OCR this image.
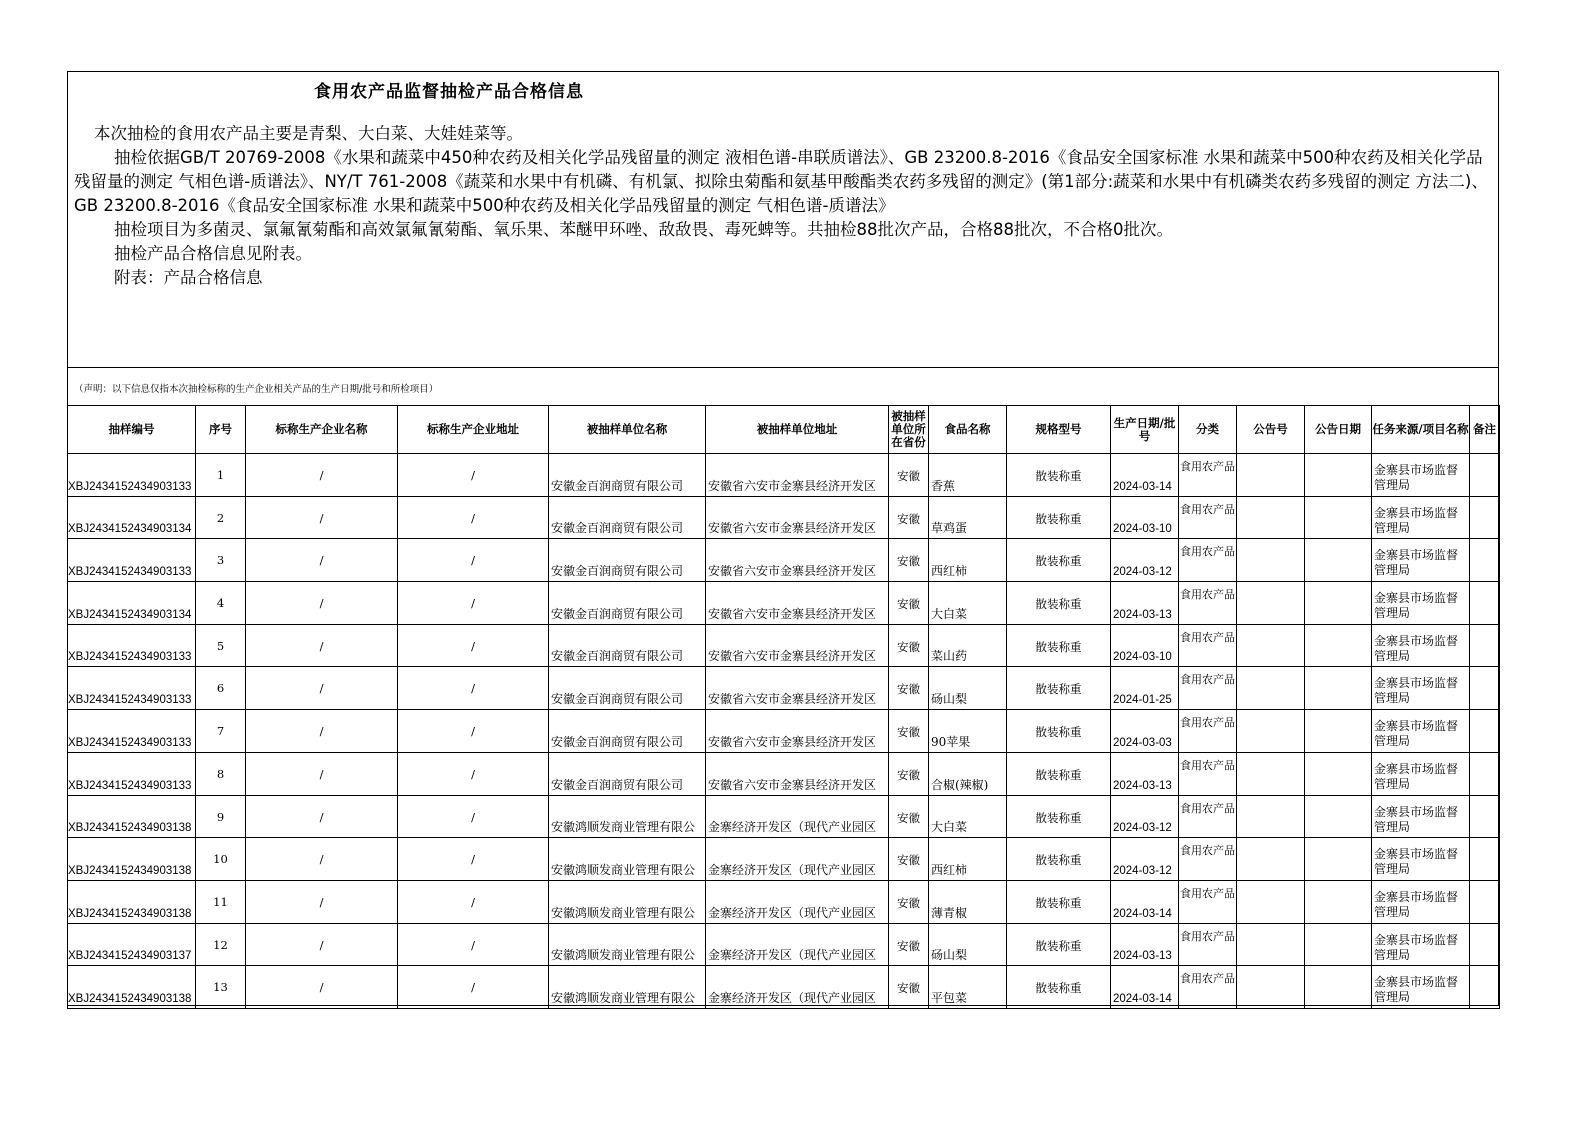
食用农产品监督抽检产品合格信息

本次抽检的食用农产品主要是青梨、大白菜、大娃娃菜等。

抽检依据GB/T 20769-2008《水果和蔬菜中450种农药及相关化学品残留量的测定 液相色谱-串联质谱法》、GB 23200.8-2016《食品安全国家标准 水果和蔬菜中500种农药及相关化学品残留量的测定 气相色谱-质谱法》、NY/T 761-2008《蔬菜和水果中有机磷、有机氯、拟除虫菊酯和氨基甲酸酯类农药多残留的测定》(第1部分:蔬菜和水果中有机磷类农药多残留的测定 方法二)、GB 23200.8-2016《食品安全国家标准 水果和蔬菜中500种农药及相关化学品残留量的测定 气相色谱-质谱法》

抽检项目为多菌灵、氯氟氰菊酯和高效氯氟氰菊酯、氧乐果、苯醚甲环唑、敌敌畏、毒死蜱等。共抽检88批次产品，合格88批次，不合格0批次。

抽检产品合格信息见附表。

附表：产品合格信息

（声明：以下信息仅指本次抽检标称的生产企业相关产品的生产日期/批号和所检项目）
抽样编号	序号	标称生产企业名称	标称生产企业地址	被抽样单位名称	被抽样单位地址	被抽样单位所在省份	食品名称	规格型号	生产日期/批号	分类	公告号	公告日期	任务来源/项目名称	备注
XBJ2434152434903133	1	/	/	安徽金百润商贸有限公司	安徽省六安市金寨县经济开发区	安徽	香蕉	散装称重	2024-03-14	食用农产品			金寨县市场监督管理局	
XBJ2434152434903134	2	/	/	安徽金百润商贸有限公司	安徽省六安市金寨县经济开发区	安徽	草鸡蛋	散装称重	2024-03-10	食用农产品			金寨县市场监督管理局	
XBJ2434152434903133	3	/	/	安徽金百润商贸有限公司	安徽省六安市金寨县经济开发区	安徽	西红柿	散装称重	2024-03-12	食用农产品			金寨县市场监督管理局	
XBJ2434152434903134	4	/	/	安徽金百润商贸有限公司	安徽省六安市金寨县经济开发区	安徽	大白菜	散装称重	2024-03-13	食用农产品			金寨县市场监督管理局	
XBJ2434152434903133	5	/	/	安徽金百润商贸有限公司	安徽省六安市金寨县经济开发区	安徽	菜山药	散装称重	2024-03-10	食用农产品			金寨县市场监督管理局	
XBJ2434152434903133	6	/	/	安徽金百润商贸有限公司	安徽省六安市金寨县经济开发区	安徽	砀山梨	散装称重	2024-01-25	食用农产品			金寨县市场监督管理局	
XBJ2434152434903133	7	/	/	安徽金百润商贸有限公司	安徽省六安市金寨县经济开发区	安徽	90苹果	散装称重	2024-03-03	食用农产品			金寨县市场监督管理局	
XBJ2434152434903133	8	/	/	安徽金百润商贸有限公司	安徽省六安市金寨县经济开发区	安徽	合椒(辣椒)	散装称重	2024-03-13	食用农产品			金寨县市场监督管理局	
XBJ2434152434903138	9	/	/	安徽鸿顺发商业管理有限公	金寨经济开发区（现代产业园区	安徽	大白菜	散装称重	2024-03-12	食用农产品			金寨县市场监督管理局	
XBJ2434152434903138	10	/	/	安徽鸿顺发商业管理有限公	金寨经济开发区（现代产业园区	安徽	西红柿	散装称重	2024-03-12	食用农产品			金寨县市场监督管理局	
XBJ2434152434903138	11	/	/	安徽鸿顺发商业管理有限公	金寨经济开发区（现代产业园区	安徽	薄青椒	散装称重	2024-03-14	食用农产品			金寨县市场监督管理局	
XBJ2434152434903137	12	/	/	安徽鸿顺发商业管理有限公	金寨经济开发区（现代产业园区	安徽	砀山梨	散装称重	2024-03-13	食用农产品			金寨县市场监督管理局	
XBJ2434152434903138	13	/	/	安徽鸿顺发商业管理有限公	金寨经济开发区（现代产业园区	安徽	平包菜	散装称重	2024-03-14	食用农产品			金寨县市场监督管理局	
